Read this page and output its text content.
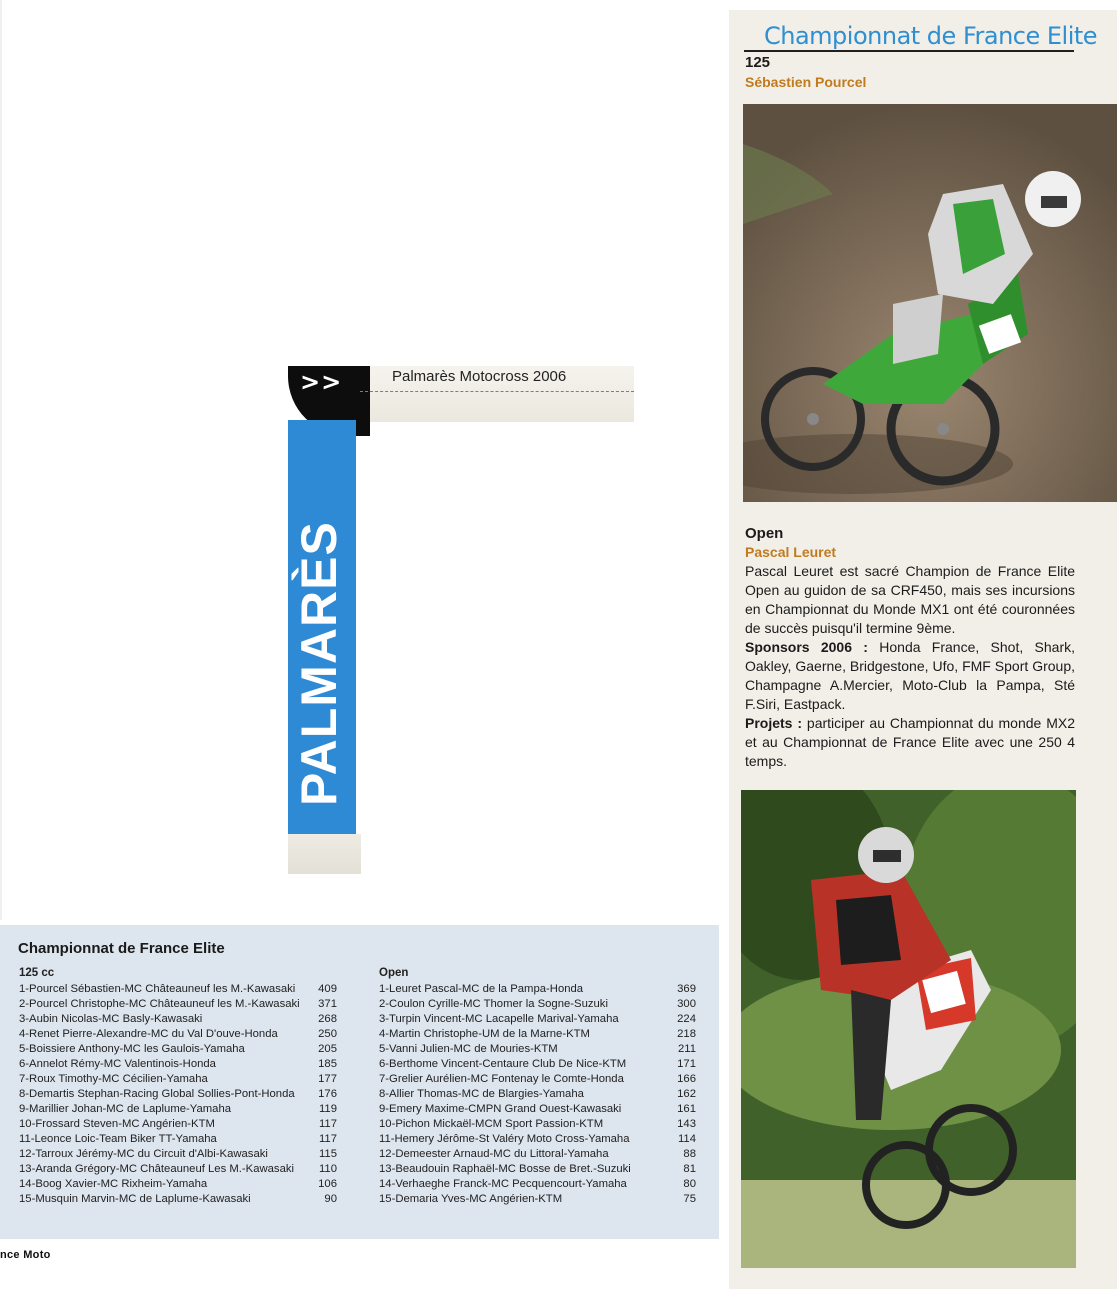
Championnat de France Elite
125
Sébastien Pourcel
Open
Pascal Leuret

Pascal Leuret est sacré Champion de France Elite Open au guidon de sa CRF450, mais ses incursions en Championnat du Monde MX1 ont été couronnées de succès puisqu'il termine 9ème.

Sponsors 2006 : Honda France, Shot, Shark, Oakley, Gaerne, Bridgestone, Ufo, FMF Sport Group, Champagne A.Mercier, Moto-Club la Pampa, Sté F.Siri, Eastpack.

Projets : participer au Championnat du monde MX2 et au Championnat de France Elite avec une 250 4 temps.

>>	Palmarès Motocross 2006
PALMARÈS
Championnat de France Elite
125 cc
1-Pourcel Sébastien-MC Châteauneuf les M.-Kawasaki 409
2-Pourcel Christophe-MC Châteauneuf les M.-Kawasaki 371
3-Aubin Nicolas-MC Basly-Kawasaki	268
4-Renet Pierre-Alexandre-MC du Val D'ouve-Honda	250
5-Boissiere Anthony-MC les Gaulois-Yamaha	205
6-Annelot Rémy-MC Valentinois-Honda	185
7-Roux Timothy-MC Cécilien-Yamaha	177
8-Demartis Stephan-Racing Global Sollies-Pont-Honda 176
9-Marillier Johan-MC de Laplume-Yamaha	119
10-Frossard Steven-MC Angérien-KTM	117
11-Leonce Loic-Team Biker TT-Yamaha	117
12-Tarroux Jérémy-MC du Circuit d'Albi-Kawasaki	115
13-Aranda Grégory-MC Châteauneuf Les M.-Kawasaki 110
14-Boog Xavier-MC Rixheim-Yamaha	106
15-Musquin Marvin-MC de Laplume-Kawasaki	90
Open
1-Leuret Pascal-MC de la Pampa-Honda	369
2-Coulon Cyrille-MC Thomer la Sogne-Suzuki	300
3-Turpin Vincent-MC Lacapelle Marival-Yamaha	224
4-Martin Christophe-UM de la Marne-KTM	218
5-Vanni Julien-MC de Mouries-KTM	211
6-Berthome Vincent-Centaure Club De Nice-KTM	171
7-Grelier Aurélien-MC Fontenay le Comte-Honda	166
8-Allier Thomas-MC de Blargies-Yamaha	162
9-Emery Maxime-CMPN Grand Ouest-Kawasaki	161
10-Pichon Mickaël-MCM Sport Passion-KTM	143
11-Hemery Jérôme-St Valéry Moto Cross-Yamaha	114
12-Demeester Arnaud-MC du Littoral-Yamaha	88
13-Beaudouin Raphaël-MC Bosse de Bret.-Suzuki	81
14-Verhaeghe Franck-MC Pecquencourt-Yamaha	80
15-Demaria Yves-MC Angérien-KTM	75
nce Moto
